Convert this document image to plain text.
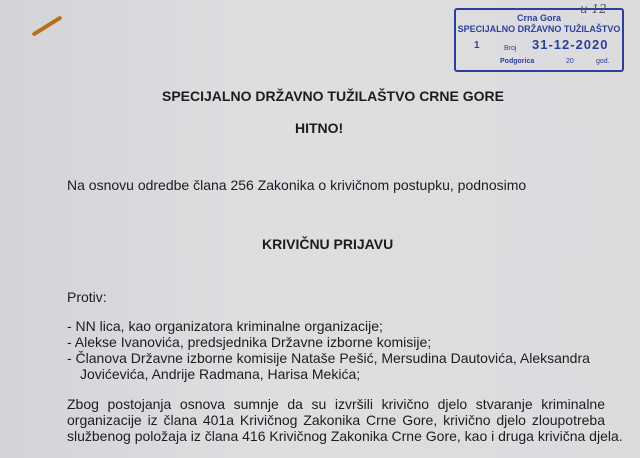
Crna Gora
SPECIJALNO DRŽAVNO TUŽILAŠTVO
1	Broj 31-12-2020
Podgorica	20	god.
u 12
SPECIJALNO DRŽAVNO TUŽILAŠTVO CRNE GORE
HITNO!
Na osnovu odredbe člana 256 Zakonika o krivičnom postupku, podnosimo
KRIVIČNU PRIJAVU
Protiv:
- NN lica, kao organizatora kriminalne organizacije;
- Alekse Ivanovića, predsjednika Državne izborne komisije;
- Članova Državne izborne komisije Nataše Pešić, Mersudina Dautovića, Aleksandra
Jovićevića, Andrije Radmana, Harisa Mekića;
Zbog postojanja osnova sumnje da su izvršili krivično djelo stvaranje kriminalne
organizacije iz člana 401a Krivičnog Zakonika Crne Gore, krivično djelo zloupotreba
službenog položaja iz člana 416 Krivičnog Zakonika Crne Gore, kao i druga krivična djela.
